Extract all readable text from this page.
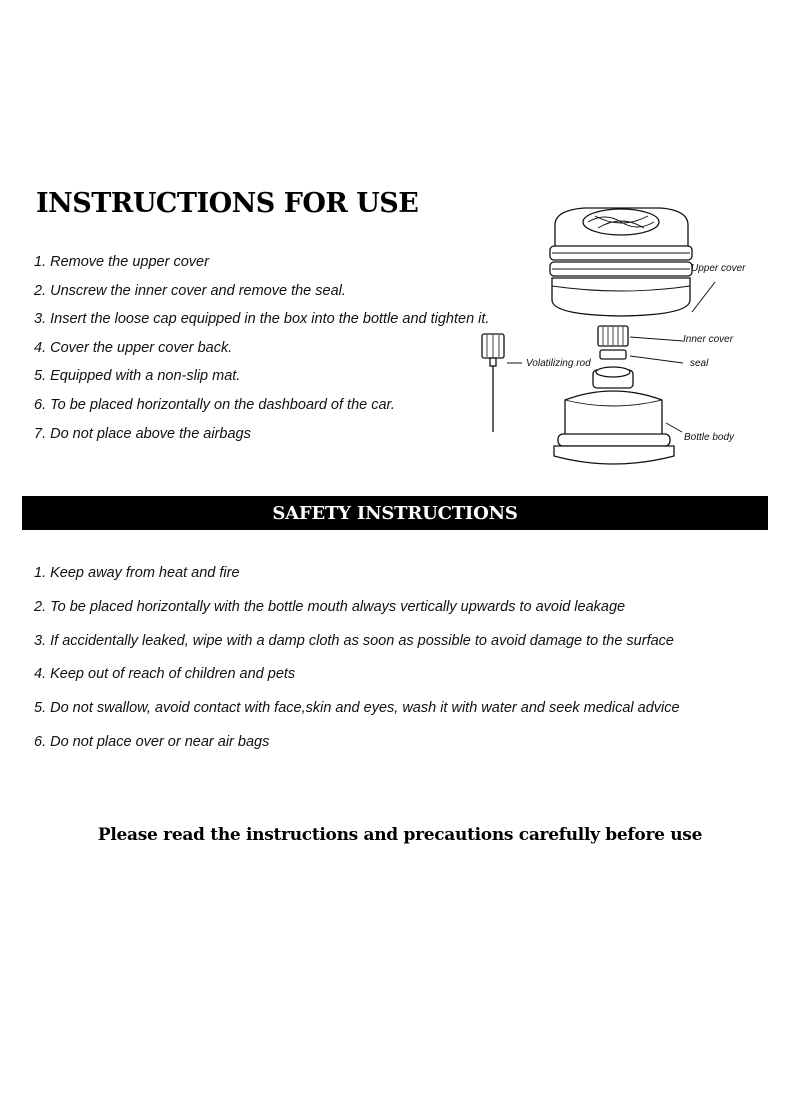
INSTRUCTIONS FOR USE
1. Remove the upper cover
2. Unscrew the inner cover and remove the seal.
3. Insert the loose cap equipped in the box into the bottle and tighten it.
4. Cover the upper cover back.
5. Equipped with a non-slip mat.
6. To be placed horizontally on the dashboard of the car.
7. Do not place above the airbags
Upper cover
Inner cover
Volatilizing rod	seal
Bottle body
SAFETY INSTRUCTIONS
1. Keep away from heat and fire
2. To be placed horizontally with the bottle mouth always vertically upwards to avoid leakage
3. If accidentally leaked, wipe with a damp cloth as soon as possible to avoid damage to the surface
4. Keep out of reach of children and pets
5. Do not swallow, avoid contact with face,skin and eyes, wash it with water and seek medical advice
6. Do not place over or near air bags
Please read the instructions and precautions carefully before use
